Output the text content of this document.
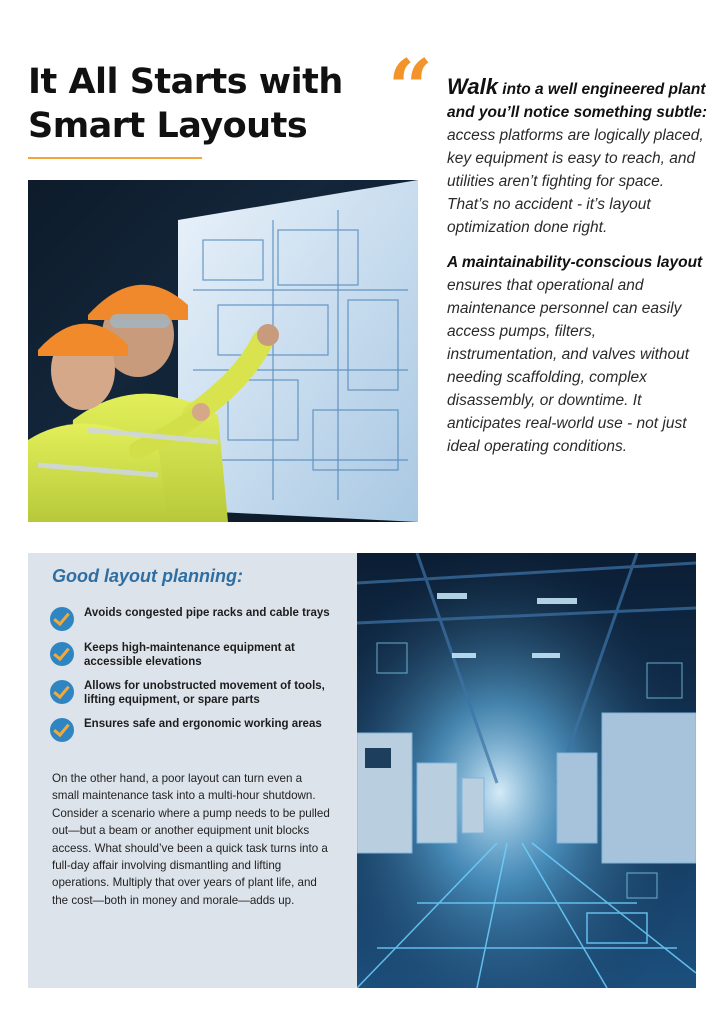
It All Starts with Smart Layouts	“ Walk into a well engineered plant and you’ll notice something subtle: access platforms are logically placed, key equipment is easy to reach, and utilities aren’t fighting for space. That’s no accident - it’s layout optimization done right.

A maintainability-conscious layout ensures that operational and maintenance personnel can easily access pumps, filters, instrumentation, and valves without needing scaffolding, complex disassembly, or downtime. It anticipates real-world use - not just ideal operating conditions.

Good layout planning:
Avoids congested pipe racks and cable trays
Keeps high-maintenance equipment at accessible elevations
Allows for unobstructed movement of tools, lifting equipment, or spare parts
Ensures safe and ergonomic working areas

On the other hand, a poor layout can turn even a small maintenance task into a multi-hour shutdown. Consider a scenario where a pump needs to be pulled out—but a beam or another equipment unit blocks access. What should’ve been a quick task turns into a full-day affair involving dismantling and lifting operations. Multiply that over years of plant life, and the cost—both in money and morale—adds up.
